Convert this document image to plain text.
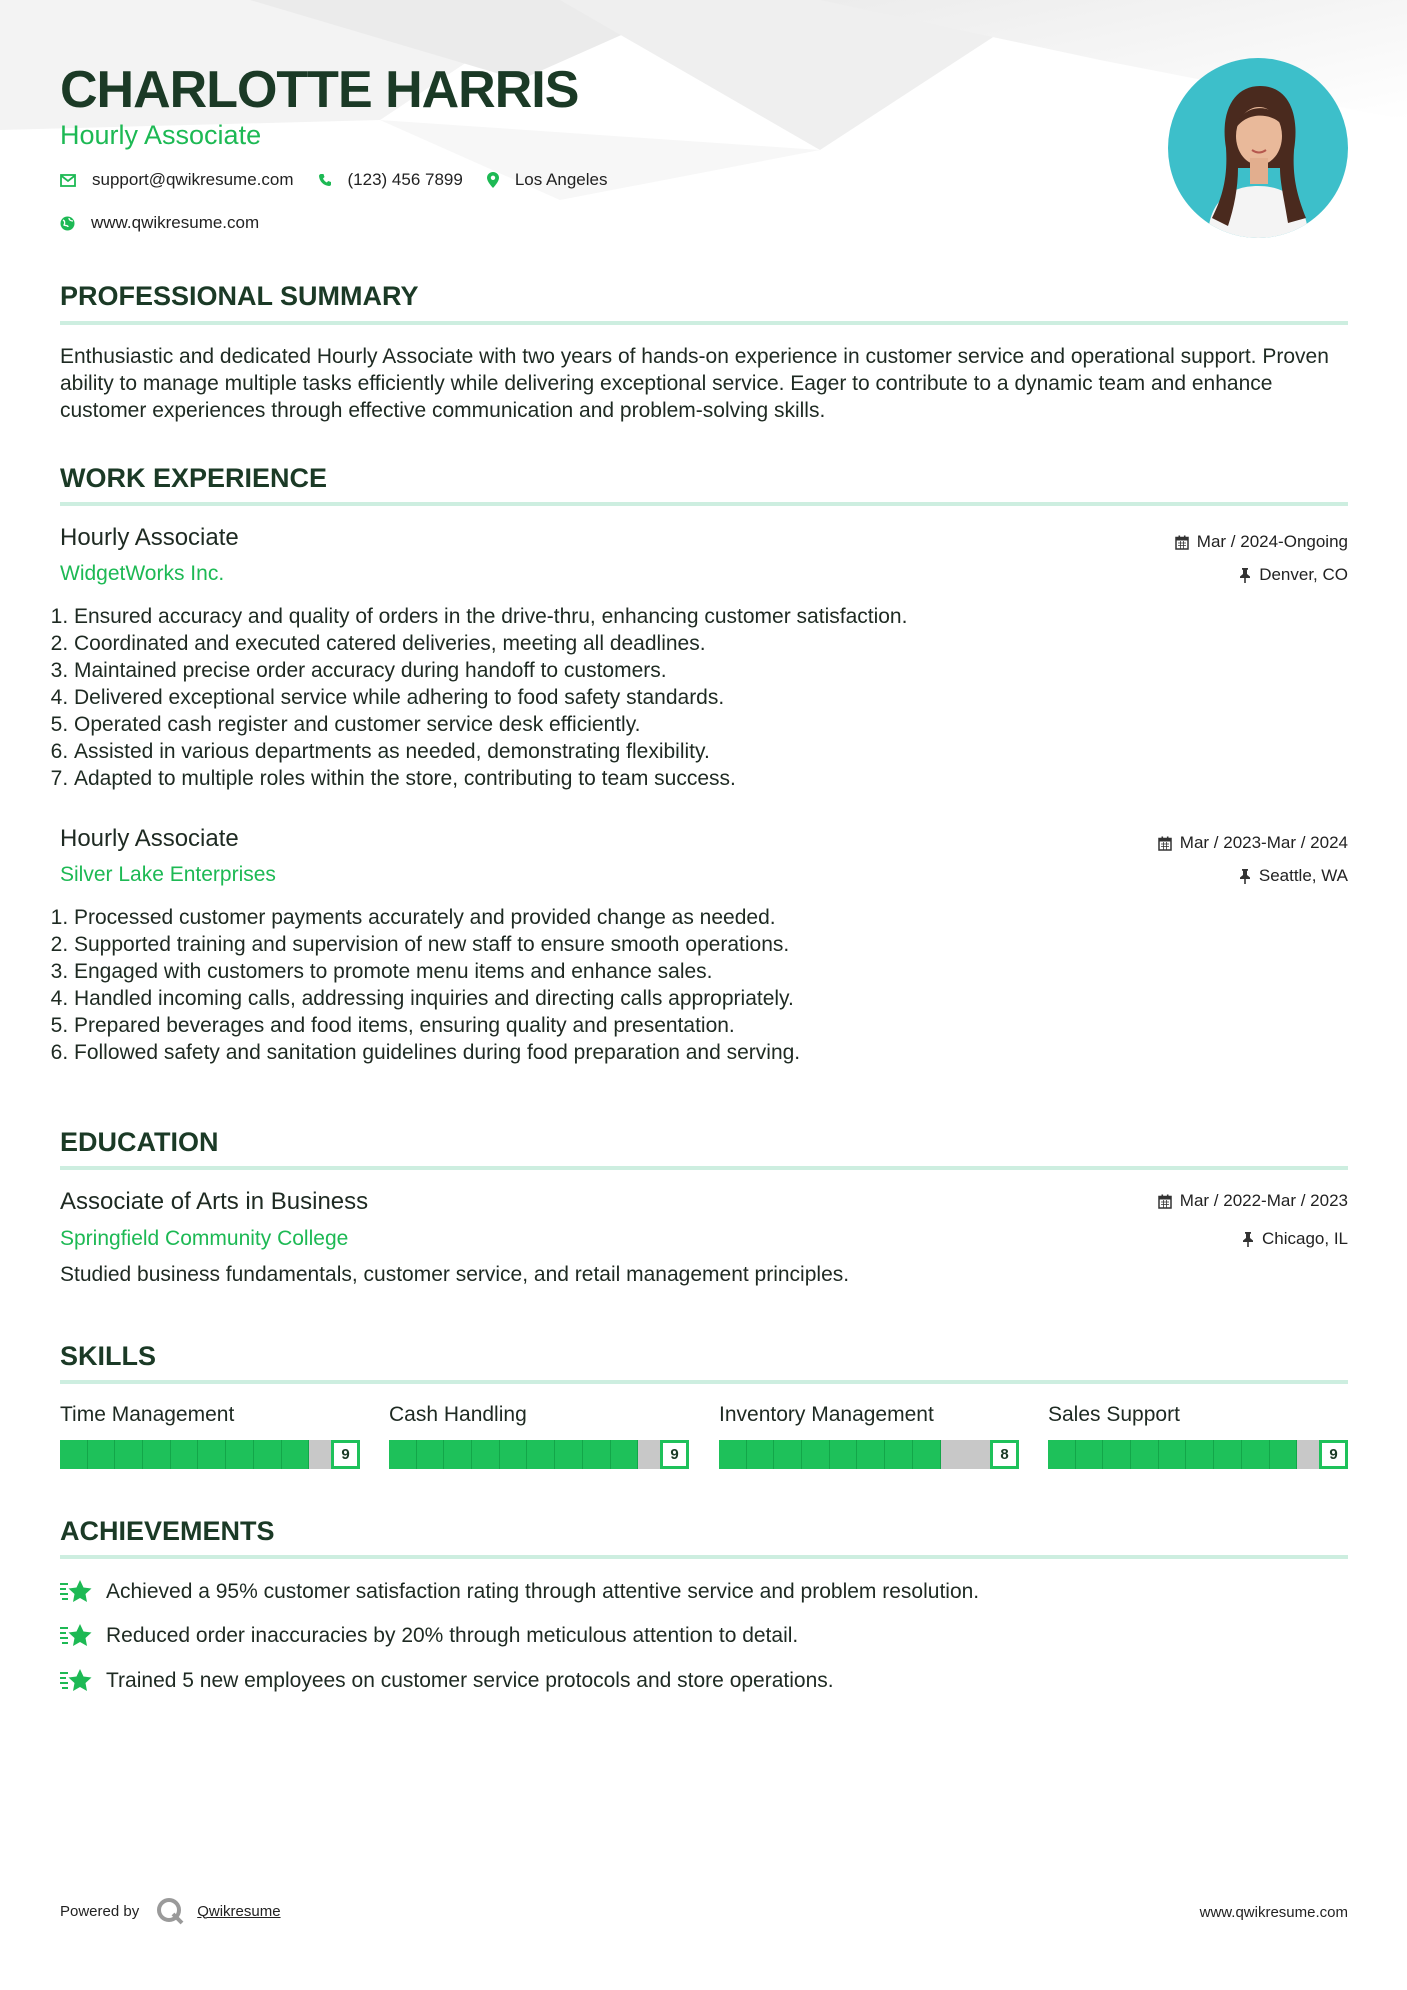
CHARLOTTE HARRIS
Hourly Associate
support@qwikresume.com	(123) 456 7899	Los Angeles
www.qwikresume.com
PROFESSIONAL SUMMARY

Enthusiastic and dedicated Hourly Associate with two years of hands-on experience in customer service and operational support. Proven ability to manage multiple tasks efficiently while delivering exceptional service. Eager to contribute to a dynamic team and enhance customer experiences through effective communication and problem-solving skills.

WORK EXPERIENCE
Hourly Associate
WidgetWorks Inc.
Mar / 2024-Ongoing
Denver, CO
1. Ensured accuracy and quality of orders in the drive-thru, enhancing customer satisfaction.
2. Coordinated and executed catered deliveries, meeting all deadlines.
3. Maintained precise order accuracy during handoff to customers.
4. Delivered exceptional service while adhering to food safety standards.
5. Operated cash register and customer service desk efficiently.
6. Assisted in various departments as needed, demonstrating flexibility.
7. Adapted to multiple roles within the store, contributing to team success.
Hourly Associate
Silver Lake Enterprises
Mar / 2023-Mar / 2024
Seattle, WA
1. Processed customer payments accurately and provided change as needed.
2. Supported training and supervision of new staff to ensure smooth operations.
3. Engaged with customers to promote menu items and enhance sales.
4. Handled incoming calls, addressing inquiries and directing calls appropriately.
5. Prepared beverages and food items, ensuring quality and presentation.
6. Followed safety and sanitation guidelines during food preparation and serving.
EDUCATION
Associate of Arts in Business
Springfield Community College
Mar / 2022-Mar / 2023
Chicago, IL

Studied business fundamentals, customer service, and retail management principles.

SKILLS
Time Management
9
Cash Handling
9
Inventory Management
8
Sales Support
9
ACHIEVEMENTS
Achieved a 95% customer satisfaction rating through attentive service and problem resolution.
Reduced order inaccuracies by 20% through meticulous attention to detail.
Trained 5 new employees on customer service protocols and store operations.
Powered by	Qwikresume	www.qwikresume.com
